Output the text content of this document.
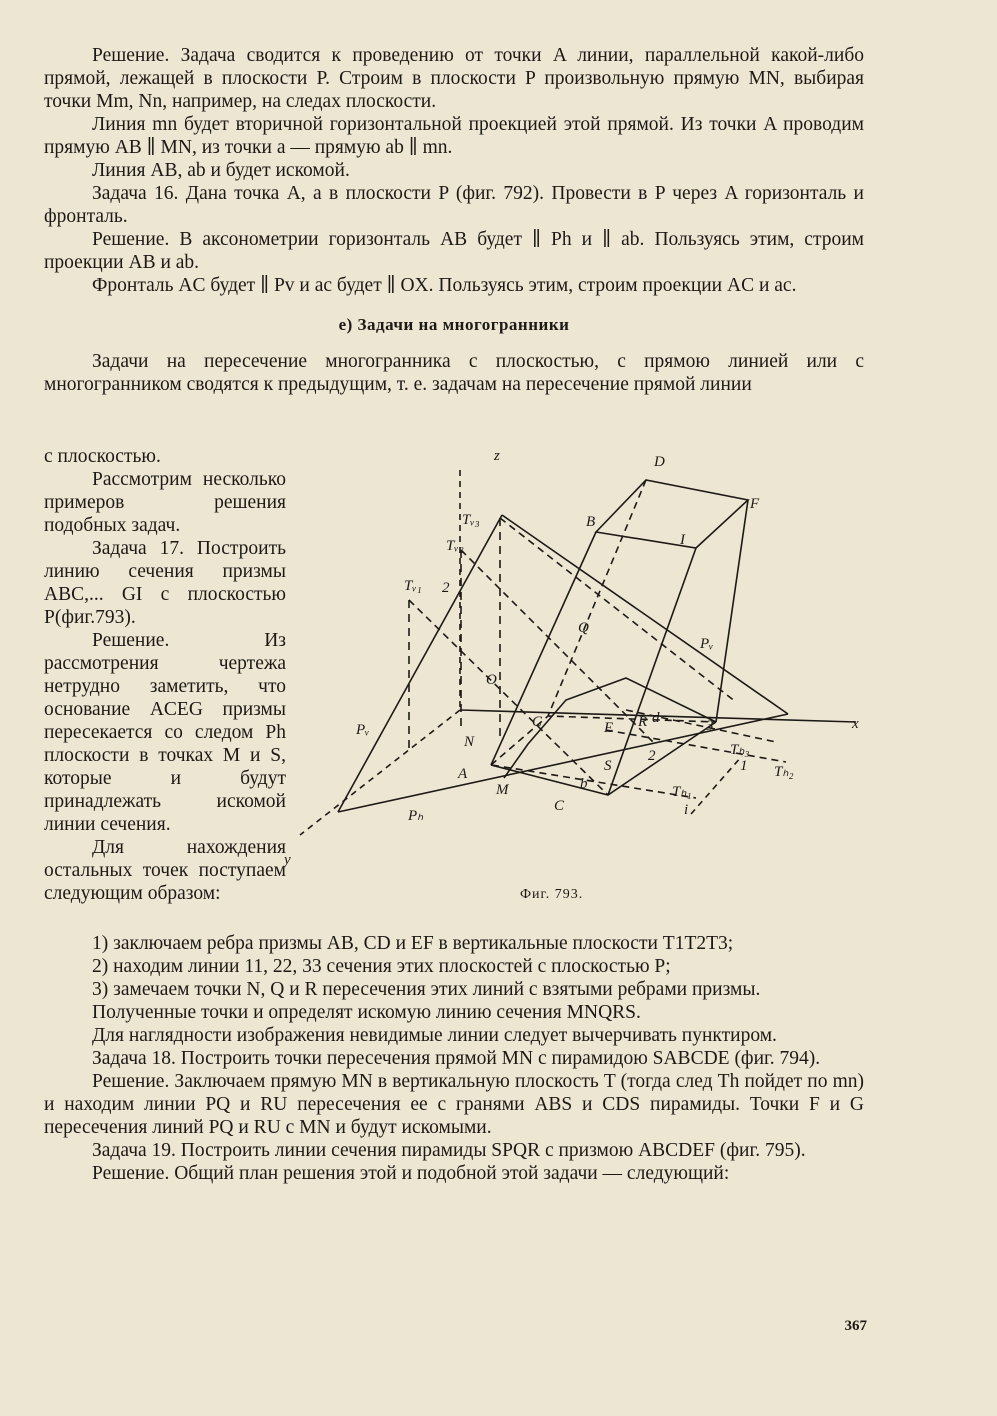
Решение. Задача сводится к проведению от точки A линии, параллельной какой-либо прямой, лежащей в плоскости P. Строим в плоскости P произвольную прямую MN, выбирая точки Mm, Nn, например, на следах плоскости.

Линия mn будет вторичной горизонтальной проекцией этой прямой. Из точки A проводим прямую AB ∥ MN, из точки a — прямую ab ∥ mn.

Линия AB, ab и будет искомой.

Задача 16. Дана точка A, a в плоскости P (фиг. 792). Провести в P через A горизонталь и фронталь.

Решение. В аксонометрии горизонталь AB будет ∥ Ph и ∥ ab. Пользуясь этим, строим проекции AB и ab.

Фронталь AC будет ∥ Pv и ac будет ∥ OX. Пользуясь этим, строим проекции AC и ac.

е) Задачи на многогранники

Задачи на пересечение многогранника с плоскостью, с прямою линией или с многогранником сводятся к предыдущим, т. е. задачам на пересечение прямой линии

с плоскостью.

Рассмотрим несколько примеров решения подобных задач.

Задача 17. Построить линию сечения призмы ABC,... GI с плоскостью P(фиг.793).

Решение. Из рассмотрения чертежа нетрудно заметить, что основание ACEG призмы пересекается со следом Ph плоскости в точках M и S, которые и будут принадлежать искомой линии сечения.

Для нахождения остальных точек поступаем следующим образом:

z
x
y
O
D
B
F
I
Q
Pᵥ
Pᵥ
Pₕ
Tᵥ₃
Tᵥ₂
Tᵥ₁ 2
C	E R d	3
2
N
S
A
M	b
C
1
i
Tₕ₃
Tₕ₂
Tₕ₁
Фиг. 793.

1) заключаем ребра призмы AB, CD и EF в вертикальные плоскости T1T2T3;

2) находим линии 11, 22, 33 сечения этих плоскостей с плоскостью P;

3) замечаем точки N, Q и R пересечения этих линий с взятыми ребрами призмы.

Полученные точки и определят искомую линию сечения MNQRS.

Для наглядности изображения невидимые линии следует вычерчивать пунктиром.

Задача 18. Построить точки пересечения прямой MN с пирамидою SABCDE (фиг. 794).

Решение. Заключаем прямую MN в вертикальную плоскость T (тогда след Th пойдет по mn) и находим линии PQ и RU пересечения ее с гранями ABS и CDS пирамиды. Точки F и G пересечения линий PQ и RU с MN и будут искомыми.

Задача 19. Построить линии сечения пирамиды SPQR с призмою ABCDEF (фиг. 795).

Решение. Общий план решения этой и подобной этой задачи — следующий:

367
